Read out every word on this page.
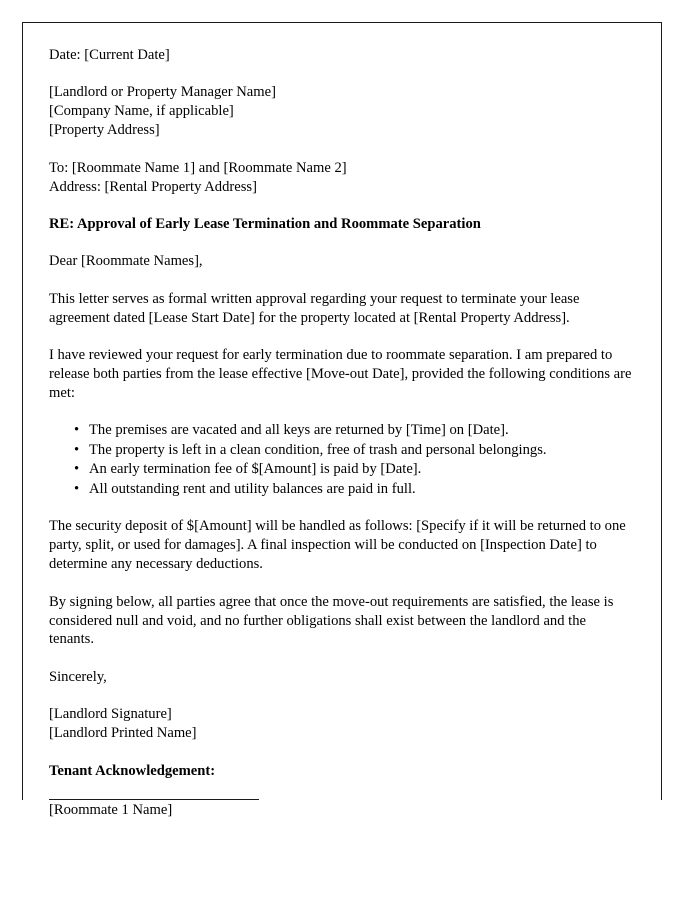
Date: [Current Date]

[Landlord or Property Manager Name]

[Company Name, if applicable]

[Property Address]

To: [Roommate Name 1] and [Roommate Name 2]

Address: [Rental Property Address]

RE: Approval of Early Lease Termination and Roommate Separation

Dear [Roommate Names],

This letter serves as formal written approval regarding your request to terminate your lease agreement dated [Lease Start Date] for the property located at [Rental Property Address].

I have reviewed your request for early termination due to roommate separation. I am prepared to release both parties from the lease effective [Move-out Date], provided the following conditions are met:

• The premises are vacated and all keys are returned by [Time] on [Date].
• The property is left in a clean condition, free of trash and personal belongings.
• An early termination fee of $[Amount] is paid by [Date].
• All outstanding rent and utility balances are paid in full.

The security deposit of $[Amount] will be handled as follows: [Specify if it will be returned to one party, split, or used for damages]. A final inspection will be conducted on [Inspection Date] to determine any necessary deductions.

By signing below, all parties agree that once the move-out requirements are satisfied, the lease is considered null and void, and no further obligations shall exist between the landlord and the tenants.

Sincerely,

[Landlord Signature]

[Landlord Printed Name]

Tenant Acknowledgement:

[Roommate 1 Name]
